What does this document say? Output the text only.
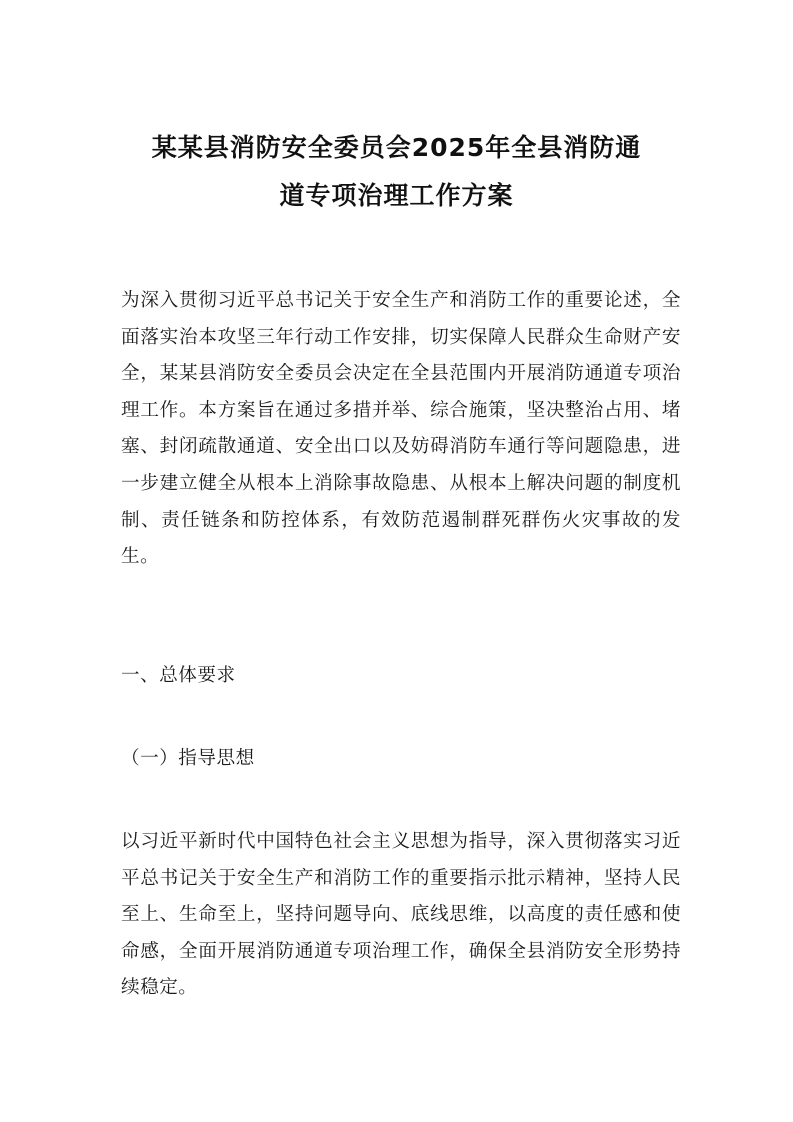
某某县消防安全委员会2025年全县消防通
道专项治理工作方案

为深入贯彻习近平总书记关于安全生产和消防工作的重要论述，全面落实治本攻坚三年行动工作安排，切实保障人民群众生命财产安全，某某县消防安全委员会决定在全县范围内开展消防通道专项治理工作。本方案旨在通过多措并举、综合施策，坚决整治占用、堵塞、封闭疏散通道、安全出口以及妨碍消防车通行等问题隐患，进一步建立健全从根本上消除事故隐患、从根本上解决问题的制度机制、责任链条和防控体系，有效防范遏制群死群伤火灾事故的发生。

一、总体要求

（一）指导思想

以习近平新时代中国特色社会主义思想为指导，深入贯彻落实习近平总书记关于安全生产和消防工作的重要指示批示精神，坚持人民至上、生命至上，坚持问题导向、底线思维，以高度的责任感和使命感，全面开展消防通道专项治理工作，确保全县消防安全形势持续稳定。
